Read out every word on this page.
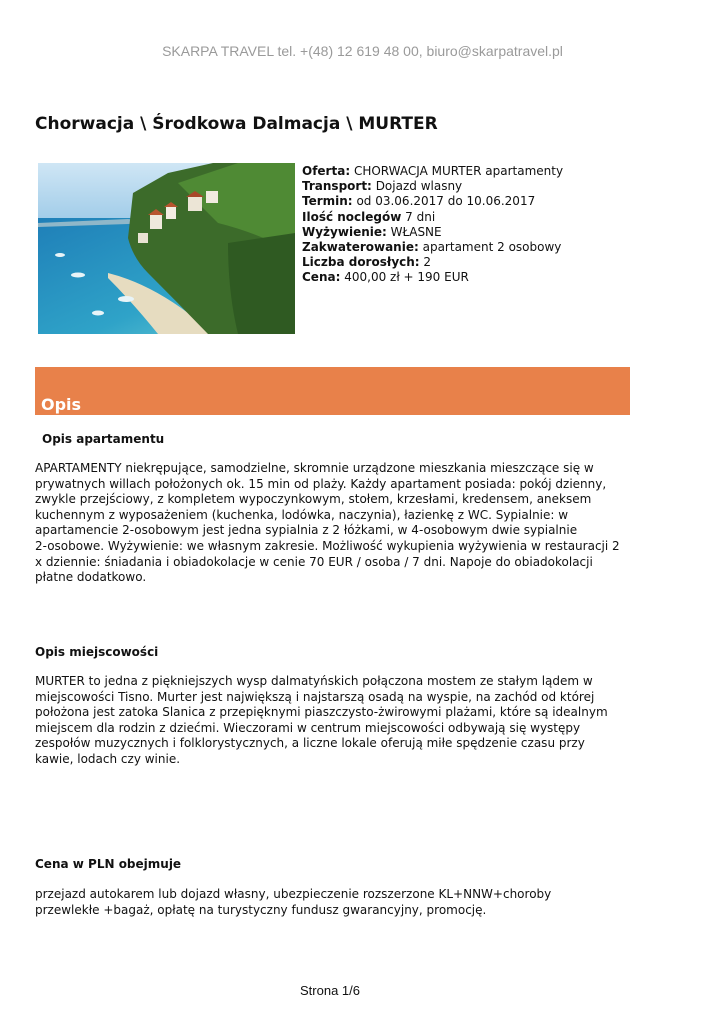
SKARPA TRAVEL tel. +(48) 12 619 48 00, biuro@skarpatravel.pl
Chorwacja \ Środkowa Dalmacja \ MURTER
Oferta: CHORWACJA MURTER apartamenty
Transport: Dojazd wlasny
Termin: od 03.06.2017 do 10.06.2017
Ilość noclegów 7 dni
Wyżywienie: WŁASNE
Zakwaterowanie: apartament 2 osobowy
Liczba dorosłych: 2
Cena: 400,00 zł + 190 EUR
Opis
Opis apartamentu
APARTAMENTY niekrępujące, samodzielne, skromnie urządzone mieszkania mieszczące się w
prywatnych willach położonych ok. 15 min od plaży. Każdy apartament posiada: pokój dzienny,
zwykle przejściowy, z kompletem wypoczynkowym, stołem, krzesłami, kredensem, aneksem
kuchennym z wyposażeniem (kuchenka, lodówka, naczynia), łazienkę z WC. Sypialnie: w
apartamencie 2-osobowym jest jedna sypialnia z 2 łóżkami, w 4-osobowym dwie sypialnie
2-osobowe. Wyżywienie: we własnym zakresie. Możliwość wykupienia wyżywienia w restauracji 2
x dziennie: śniadania i obiadokolacje w cenie 70 EUR / osoba / 7 dni. Napoje do obiadokolacji
płatne dodatkowo.
Opis miejscowości
MURTER to jedna z piękniejszych wysp dalmatyńskich połączona mostem ze stałym lądem w
miejscowości Tisno. Murter jest największą i najstarszą osadą na wyspie, na zachód od której
położona jest zatoka Slanica z przepięknymi piaszczysto-żwirowymi plażami, które są idealnym
miejscem dla rodzin z dziećmi. Wieczorami w centrum miejscowości odbywają się występy
zespołów muzycznych i folklorystycznych, a liczne lokale oferują miłe spędzenie czasu przy
kawie, lodach czy winie.
Cena w PLN obejmuje
przejazd autokarem lub dojazd własny, ubezpieczenie rozszerzone KL+NNW+choroby
przewlekłe +bagaż, opłatę na turystyczny fundusz gwarancyjny, promocję.
Strona 1/6
